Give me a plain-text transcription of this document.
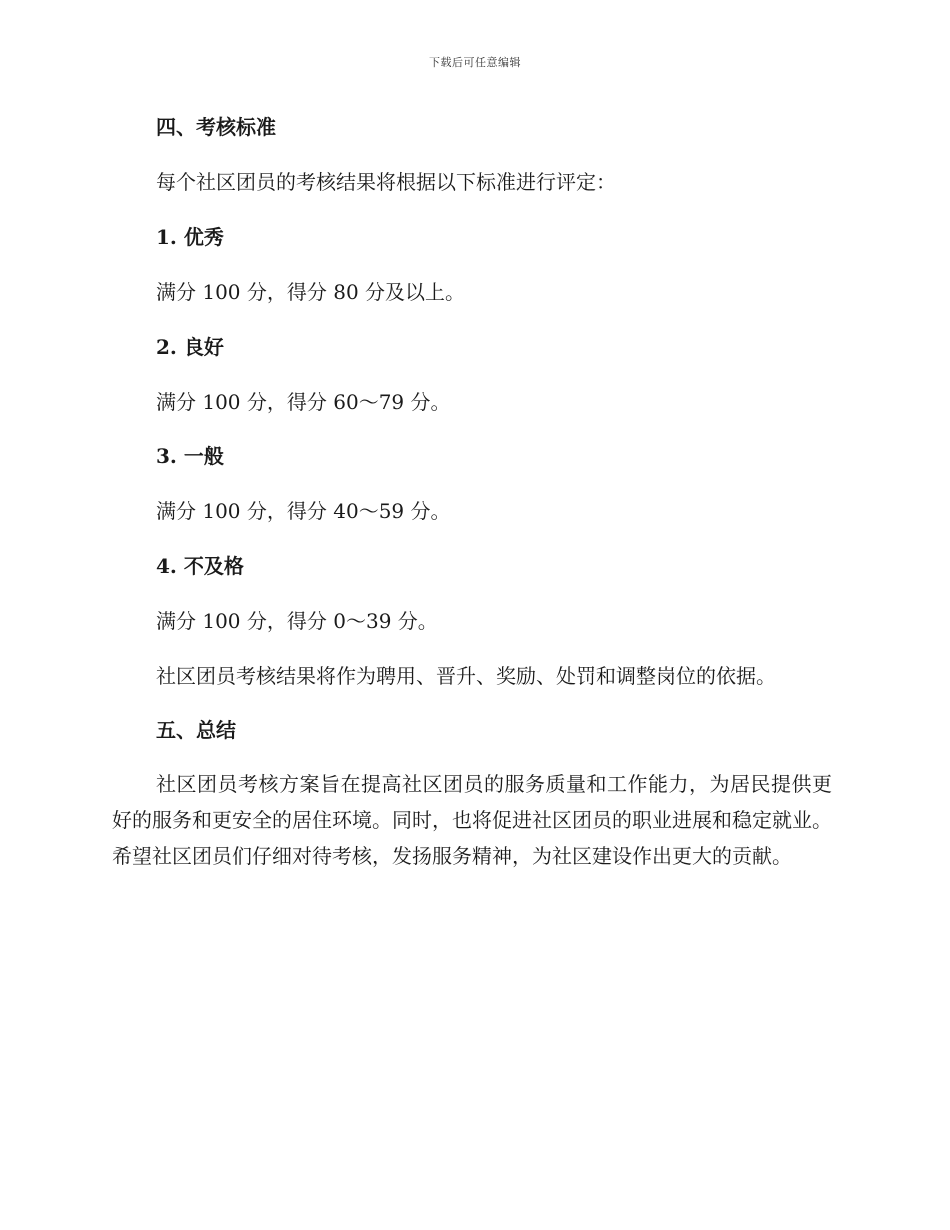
下载后可任意编辑
四、考核标准
每个社区团员的考核结果将根据以下标准进行评定：
1. 优秀
满分 100 分，得分 80 分及以上。
2. 良好
满分 100 分，得分 60～79 分。
3. 一般
满分 100 分，得分 40～59 分。
4. 不及格
满分 100 分，得分 0～39 分。
社区团员考核结果将作为聘用、晋升、奖励、处罚和调整岗位的依据。
五、总结
社区团员考核方案旨在提高社区团员的服务质量和工作能力，为居民提供更好的服务和更安全的居住环境。同时，也将促进社区团员的职业进展和稳定就业。希望社区团员们仔细对待考核，发扬服务精神，为社区建设作出更大的贡献。
